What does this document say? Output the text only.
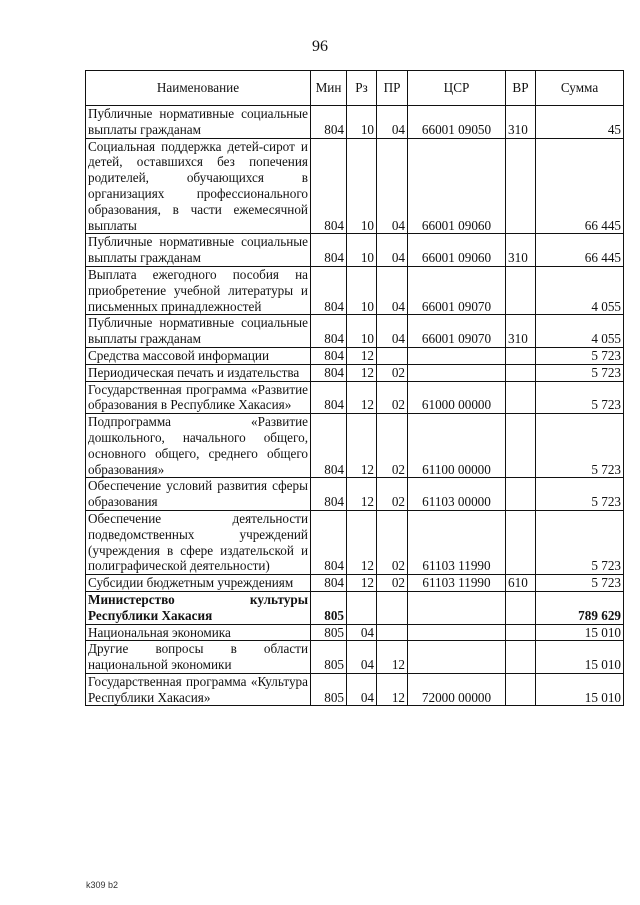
96
Наименование	Мин	Рз	ПР	ЦСР	ВР	Сумма
Публичные нормативные социальные выплаты гражданам	804	10	04	66001 09050	310	45
Социальная поддержка детей-сирот и детей, оставшихся без попечения родителей, обучающихся в организациях профессионального образования, в части ежемесячной выплаты	804	10	04	66001 09060		66 445
Публичные нормативные социальные выплаты гражданам	804	10	04	66001 09060	310	66 445
Выплата ежегодного пособия на приобретение учебной литературы и письменных принадлежностей	804	10	04	66001 09070		4 055
Публичные нормативные социальные выплаты гражданам	804	10	04	66001 09070	310	4 055
Средства массовой информации	804	12				5 723
Периодическая печать и издательства	804	12	02			5 723
Государственная программа «Развитие образования в Республике Хакасия»	804	12	02	61000 00000		5 723
Подпрограмма «Развитие дошкольного, начального общего, основного общего, среднего общего образования»	804	12	02	61100 00000		5 723
Обеспечение условий развития сферы образования	804	12	02	61103 00000		5 723
Обеспечение деятельности подведомственных учреждений (учреждения в сфере издательской и полиграфической деятельности)	804	12	02	61103 11990		5 723
Субсидии бюджетным учреждениям	804	12	02	61103 11990	610	5 723
Министерство культуры Республики Хакасия	805					789 629
Национальная экономика	805	04				15 010
Другие вопросы в области национальной экономики	805	04	12			15 010
Государственная программа «Культура Республики Хакасия»	805	04	12	72000 00000		15 010
k309 b2
